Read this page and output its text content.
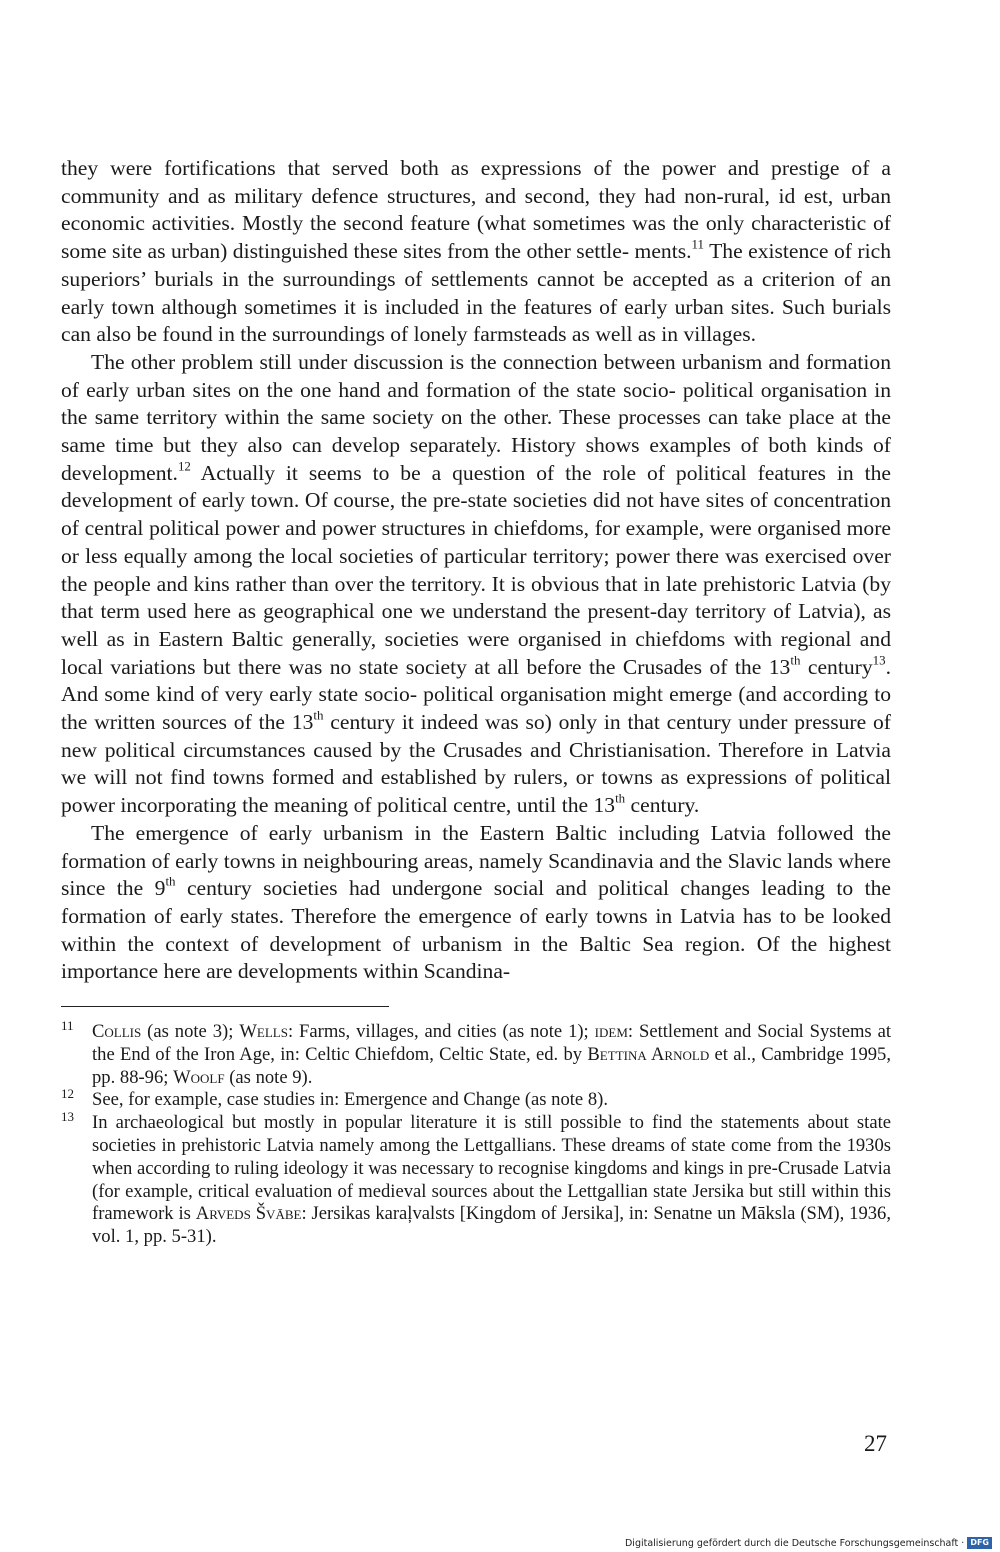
they were fortifications that served both as expressions of the power and prestige of a community and as military defence structures, and second, they had non-rural, id est, urban economic activities. Mostly the second feature (what sometimes was the only characteristic of some site as urban) distinguished these sites from the other settle- ments.$^{11}$ The existence of rich superiors’ burials in the surroundings of settlements cannot be accepted as a criterion of an early town although sometimes it is included in the features of early urban sites. Such burials can also be found in the surroundings of lonely farmsteads as well as in villages.

The other problem still under discussion is the connection between urbanism and formation of early urban sites on the one hand and formation of the state socio- political organisation in the same territory within the same society on the other. These processes can take place at the same time but they also can develop separately. History shows examples of both kinds of development.$^{12}$ Actually it seems to be a question of the role of political features in the development of early town. Of course, the pre-state societies did not have sites of concentration of central political power and power structures in chiefdoms, for example, were organised more or less equally among the local societies of particular territory; power there was exercised over the people and kins rather than over the territory. It is obvious that in late prehistoric Latvia (by that term used here as geographical one we understand the present-day territory of Latvia), as well as in Eastern Baltic generally, societies were organised in chiefdoms with regional and local variations but there was no state society at all before the Crusades of the 13th century$^{13}$. And some kind of very early state socio- political organisation might emerge (and according to the written sources of the 13th century it indeed was so) only in that century under pressure of new political circumstances caused by the Crusades and Christianisation. Therefore in Latvia we will not find towns formed and established by rulers, or towns as expressions of political power incorporating the meaning of political centre, until the 13th century.

The emergence of early urbanism in the Eastern Baltic including Latvia followed the formation of early towns in neighbouring areas, namely Scandinavia and the Slavic lands where since the 9th century societies had undergone social and political changes leading to the formation of early states. Therefore the emergence of early towns in Latvia has to be looked within the context of development of urbanism in the Baltic Sea region. Of the highest importance here are developments within Scandina-

11 Collis (as note 3); Wells: Farms, villages, and cities (as note 1); idem: Settlement and Social Systems at the End of the Iron Age, in: Celtic Chiefdom, Celtic State, ed. by Bettina Arnold et al., Cambridge 1995, pp. 88-96; Woolf (as note 9).
12 See, for example, case studies in: Emergence and Change (as note 8).
13 In archaeological but mostly in popular literature it is still possible to find the statements about state societies in prehistoric Latvia namely among the Lettgallians. These dreams of state come from the 1930s when according to ruling ideology it was necessary to recognise kingdoms and kings in pre-Crusade Latvia (for example, critical evaluation of medieval sources about the Lettgallian state Jersika but still within this framework is Arveds Švābe: Jersikas karaļvalsts [Kingdom of Jersika], in: Senatne un Māksla (SM), 1936, vol. 1, pp. 5-31).
27
Digitalisierung gefördert durch die Deutsche Forschungsgemeinschaft · DFG
